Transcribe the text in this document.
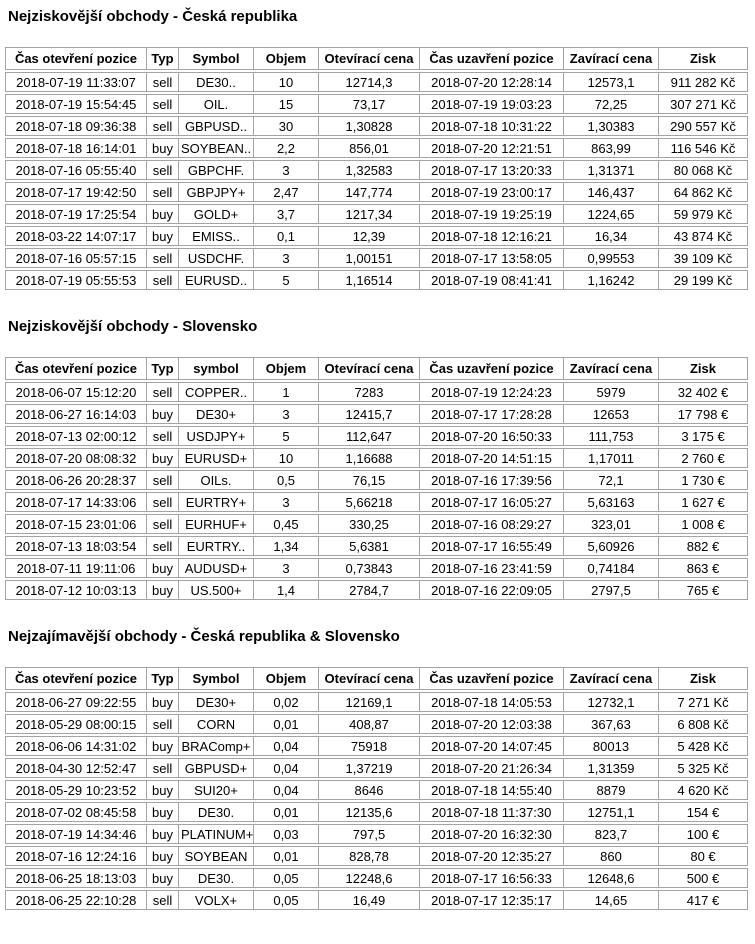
Nejziskovější obchody - Česká republika
Čas otevření pozice	Typ	Symbol	Objem	Otevírací cena	Čas uzavření pozice	Zavírací cena	Zisk
2018-07-19 11:33:07	sell	DE30..	10	12714,3	2018-07-20 12:28:14	12573,1	911 282 Kč
2018-07-19 15:54:45	sell	OIL.	15	73,17	2018-07-19 19:03:23	72,25	307 271 Kč
2018-07-18 09:36:38	sell	GBPUSD..	30	1,30828	2018-07-18 10:31:22	1,30383	290 557 Kč
2018-07-18 16:14:01	buy	SOYBEAN..	2,2	856,01	2018-07-20 12:21:51	863,99	116 546 Kč
2018-07-16 05:55:40	sell	GBPCHF.	3	1,32583	2018-07-17 13:20:33	1,31371	80 068 Kč
2018-07-17 19:42:50	sell	GBPJPY+	2,47	147,774	2018-07-19 23:00:17	146,437	64 862 Kč
2018-07-19 17:25:54	buy	GOLD+	3,7	1217,34	2018-07-19 19:25:19	1224,65	59 979 Kč
2018-03-22 14:07:17	buy	EMISS..	0,1	12,39	2018-07-18 12:16:21	16,34	43 874 Kč
2018-07-16 05:57:15	sell	USDCHF.	3	1,00151	2018-07-17 13:58:05	0,99553	39 109 Kč
2018-07-19 05:55:53	sell	EURUSD..	5	1,16514	2018-07-19 08:41:41	1,16242	29 199 Kč
Nejziskovější obchody - Slovensko
Čas otevření pozice	Typ	symbol	Objem	Otevírací cena	Čas uzavření pozice	Zavírací cena	Zisk
2018-06-07 15:12:20	sell	COPPER..	1	7283	2018-07-19 12:24:23	5979	32 402 €
2018-06-27 16:14:03	buy	DE30+	3	12415,7	2018-07-17 17:28:28	12653	17 798 €
2018-07-13 02:00:12	sell	USDJPY+	5	112,647	2018-07-20 16:50:33	111,753	3 175 €
2018-07-20 08:08:32	buy	EURUSD+	10	1,16688	2018-07-20 14:51:15	1,17011	2 760 €
2018-06-26 20:28:37	sell	OILs.	0,5	76,15	2018-07-16 17:39:56	72,1	1 730 €
2018-07-17 14:33:06	sell	EURTRY+	3	5,66218	2018-07-17 16:05:27	5,63163	1 627 €
2018-07-15 23:01:06	sell	EURHUF+	0,45	330,25	2018-07-16 08:29:27	323,01	1 008 €
2018-07-13 18:03:54	sell	EURTRY..	1,34	5,6381	2018-07-17 16:55:49	5,60926	882 €
2018-07-11 19:11:06	buy	AUDUSD+	3	0,73843	2018-07-16 23:41:59	0,74184	863 €
2018-07-12 10:03:13	buy	US.500+	1,4	2784,7	2018-07-16 22:09:05	2797,5	765 €
Nejzajímavější obchody - Česká republika & Slovensko
Čas otevření pozice	Typ	Symbol	Objem	Otevírací cena	Čas uzavření pozice	Zavírací cena	Zisk
2018-06-27 09:22:55	buy	DE30+	0,02	12169,1	2018-07-18 14:05:53	12732,1	7 271 Kč
2018-05-29 08:00:15	sell	CORN	0,01	408,87	2018-07-20 12:03:38	367,63	6 808 Kč
2018-06-06 14:31:02	buy	BRAComp+	0,04	75918	2018-07-20 14:07:45	80013	5 428 Kč
2018-04-30 12:52:47	sell	GBPUSD+	0,04	1,37219	2018-07-20 21:26:34	1,31359	5 325 Kč
2018-05-29 10:23:52	buy	SUI20+	0,04	8646	2018-07-18 14:55:40	8879	4 620 Kč
2018-07-02 08:45:58	buy	DE30.	0,01	12135,6	2018-07-18 11:37:30	12751,1	154 €
2018-07-19 14:34:46	buy	PLATINUM+	0,03	797,5	2018-07-20 16:32:30	823,7	100 €
2018-07-16 12:24:16	buy	SOYBEAN	0,01	828,78	2018-07-20 12:35:27	860	80 €
2018-06-25 18:13:03	buy	DE30.	0,05	12248,6	2018-07-17 16:56:33	12648,6	500 €
2018-06-25 22:10:28	sell	VOLX+	0,05	16,49	2018-07-17 12:35:17	14,65	417 €
